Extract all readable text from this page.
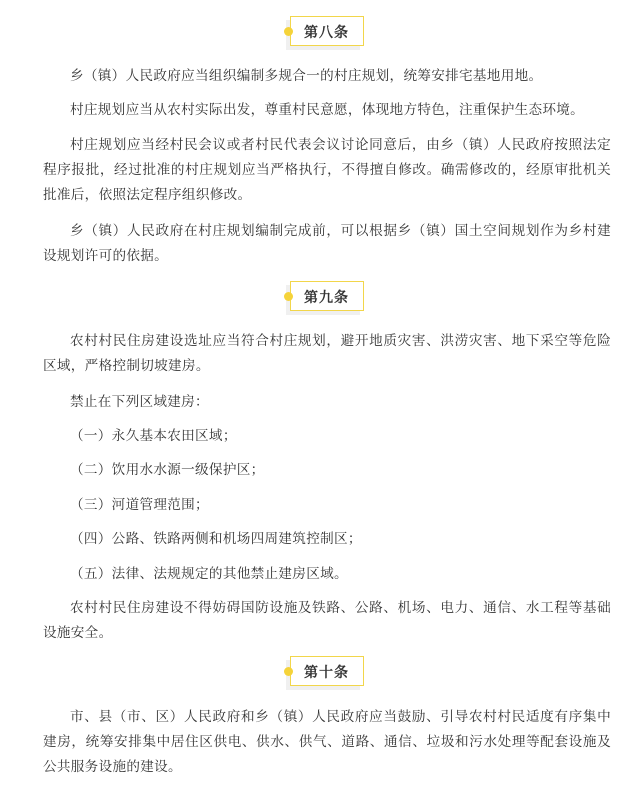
第八条
乡（镇）人民政府应当组织编制多规合一的村庄规划，统筹安排宅基地用地。
村庄规划应当从农村实际出发，尊重村民意愿，体现地方特色，注重保护生态环境。
村庄规划应当经村民会议或者村民代表会议讨论同意后，由乡（镇）人民政府按照法定程序报批，经过批准的村庄规划应当严格执行，不得擅自修改。确需修改的，经原审批机关批准后，依照法定程序组织修改。
乡（镇）人民政府在村庄规划编制完成前，可以根据乡（镇）国土空间规划作为乡村建设规划许可的依据。
第九条
农村村民住房建设选址应当符合村庄规划，避开地质灾害、洪涝灾害、地下采空等危险区域，严格控制切坡建房。
禁止在下列区域建房：
（一）永久基本农田区域；
（二）饮用水水源一级保护区；
（三）河道管理范围；
（四）公路、铁路两侧和机场四周建筑控制区；
（五）法律、法规规定的其他禁止建房区域。
农村村民住房建设不得妨碍国防设施及铁路、公路、机场、电力、通信、水工程等基础设施安全。
第十条
市、县（市、区）人民政府和乡（镇）人民政府应当鼓励、引导农村村民适度有序集中建房，统筹安排集中居住区供电、供水、供气、道路、通信、垃圾和污水处理等配套设施及公共服务设施的建设。
